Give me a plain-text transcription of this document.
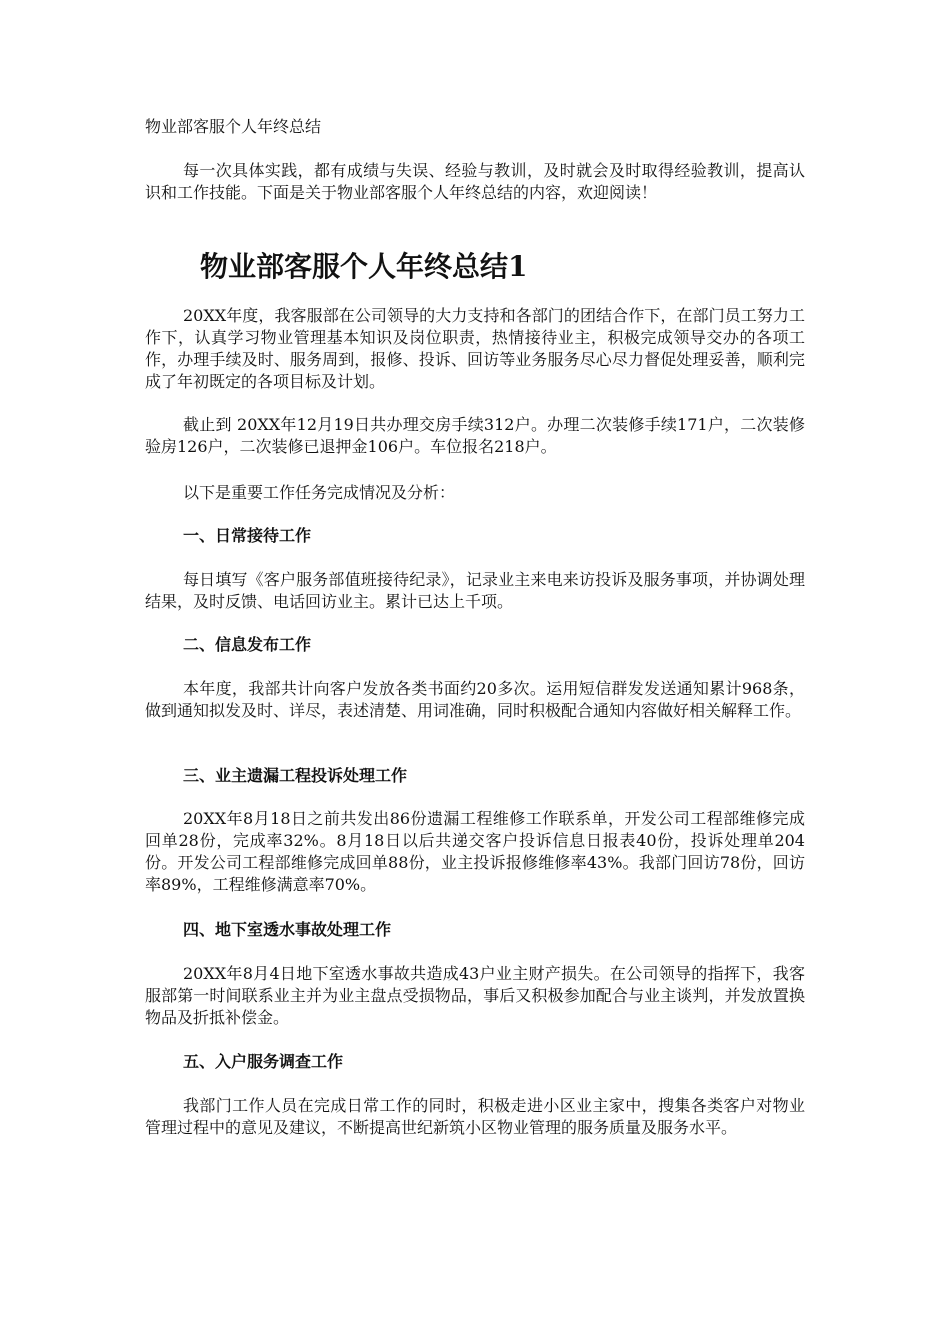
物业部客服个人年终总结

每一次具体实践，都有成绩与失误、经验与教训，及时就会及时取得经验教训，提高认识和工作技能。下面是关于物业部客服个人年终总结的内容，欢迎阅读！

物业部客服个人年终总结1

20XX年度，我客服部在公司领导的大力支持和各部门的团结合作下，在部门员工努力工作下，认真学习物业管理基本知识及岗位职责，热情接待业主，积极完成领导交办的各项工作，办理手续及时、服务周到，报修、投诉、回访等业务服务尽心尽力督促处理妥善，顺利完成了年初既定的各项目标及计划。

截止到 20XX年12月19日共办理交房手续312户。办理二次装修手续171户，二次装修验房126户，二次装修已退押金106户。车位报名218户。

以下是重要工作任务完成情况及分析：

一、日常接待工作

每日填写《客户服务部值班接待纪录》，记录业主来电来访投诉及服务事项，并协调处理结果，及时反馈、电话回访业主。累计已达上千项。

二、信息发布工作

本年度，我部共计向客户发放各类书面约20多次。运用短信群发发送通知累计968条，做到通知拟发及时、详尽，表述清楚、用词准确，同时积极配合通知内容做好相关解释工作。

三、业主遗漏工程投诉处理工作

20XX年8月18日之前共发出86份遗漏工程维修工作联系单，开发公司工程部维修完成回单28份，完成率32%。8月18日以后共递交客户投诉信息日报表40份，投诉处理单204份。开发公司工程部维修完成回单88份，业主投诉报修维修率43%。我部门回访78份，回访率89%，工程维修满意率70%。

四、地下室透水事故处理工作

20XX年8月4日地下室透水事故共造成43户业主财产损失。在公司领导的指挥下，我客服部第一时间联系业主并为业主盘点受损物品，事后又积极参加配合与业主谈判，并发放置换物品及折抵补偿金。

五、入户服务调查工作

我部门工作人员在完成日常工作的同时，积极走进小区业主家中，搜集各类客户对物业管理过程中的意见及建议，不断提高世纪新筑小区物业管理的服务质量及服务水平。
